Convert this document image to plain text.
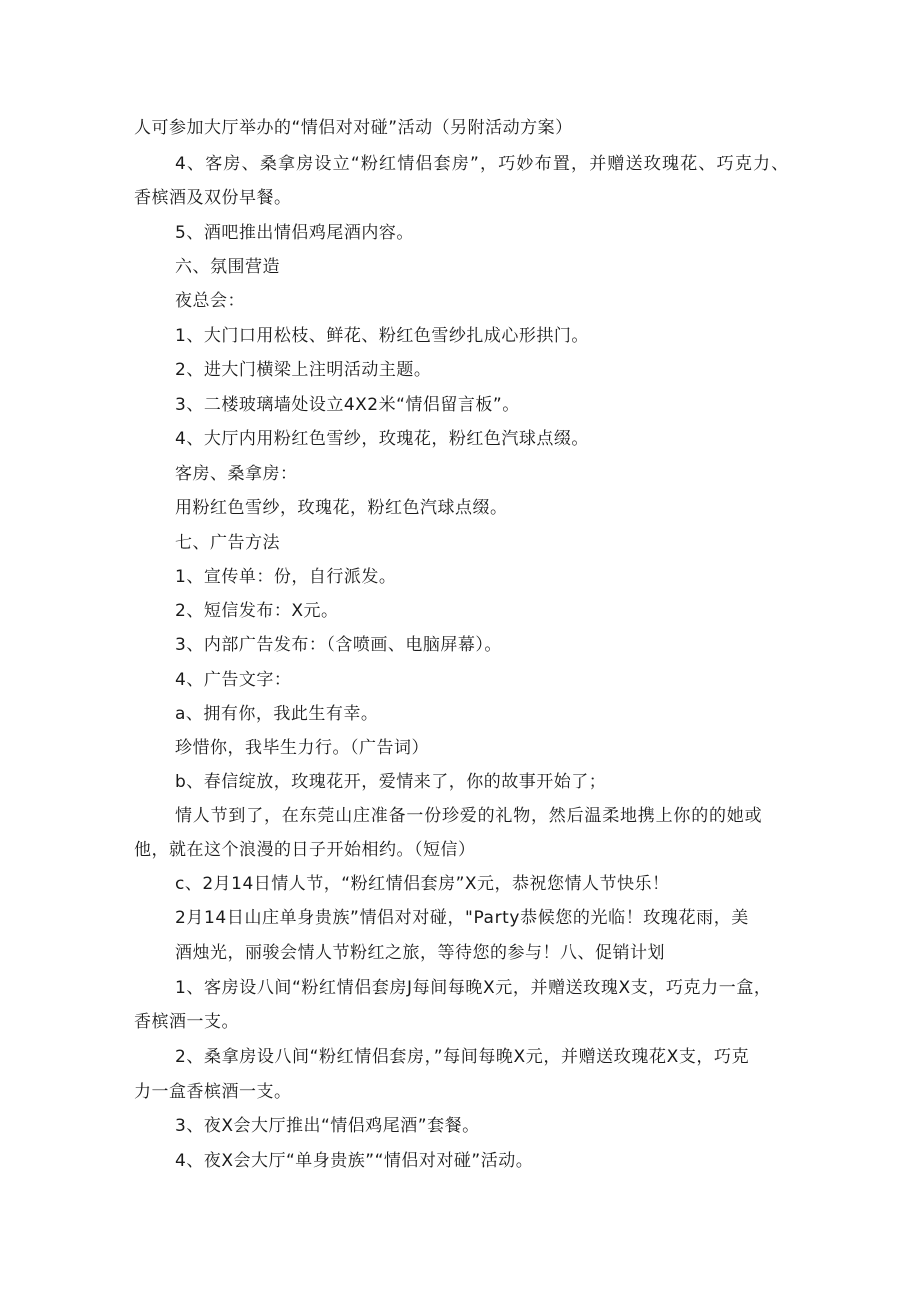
人可参加大厅举办的“情侣对对碰”活动（另附活动方案）
4、客房、桑拿房设立“粉红情侣套房”，巧妙布置，并赠送玫瑰花、巧克力、
香槟酒及双份早餐。
5、酒吧推出情侣鸡尾酒内容。
六、氛围营造
夜总会：
1、大门口用松枝、鲜花、粉红色雪纱扎成心形拱门。
2、进大门横梁上注明活动主题。
3、二楼玻璃墙处设立4X2米“情侣留言板”。
4、大厅内用粉红色雪纱，玫瑰花，粉红色汽球点缀。
客房、桑拿房：
用粉红色雪纱，玫瑰花，粉红色汽球点缀。
七、广告方法
1、宣传单：份，自行派发。
2、短信发布：X元。
3、内部广告发布：（含喷画、电脑屏幕）。
4、广告文字：
a、拥有你，我此生有幸。
珍惜你，我毕生力行。（广告词）
b、春信绽放，玫瑰花开，爱情来了，你的故事开始了；
情人节到了，在东莞山庄准备一份珍爱的礼物，然后温柔地携上你的的她或
他，就在这个浪漫的日子开始相约。（短信）
c、2月14日情人节，“粉红情侣套房”X元，恭祝您情人节快乐！
2月14日山庄单身贵族”情侣对对碰，"Party恭候您的光临！玫瑰花雨，美
酒烛光，丽骏会情人节粉红之旅，等待您的参与！八、促销计划
1、客房设八间“粉红情侣套房J每间每晚X元，并赠送玫瑰X支，巧克力一盒，
香槟酒一支。
2、桑拿房设八间“粉红情侣套房，”每间每晚X元，并赠送玫瑰花X支，巧克
力一盒香槟酒一支。
3、夜X会大厅推出“情侣鸡尾酒”套餐。
4、夜X会大厅“单身贵族”“情侣对对碰”活动。
